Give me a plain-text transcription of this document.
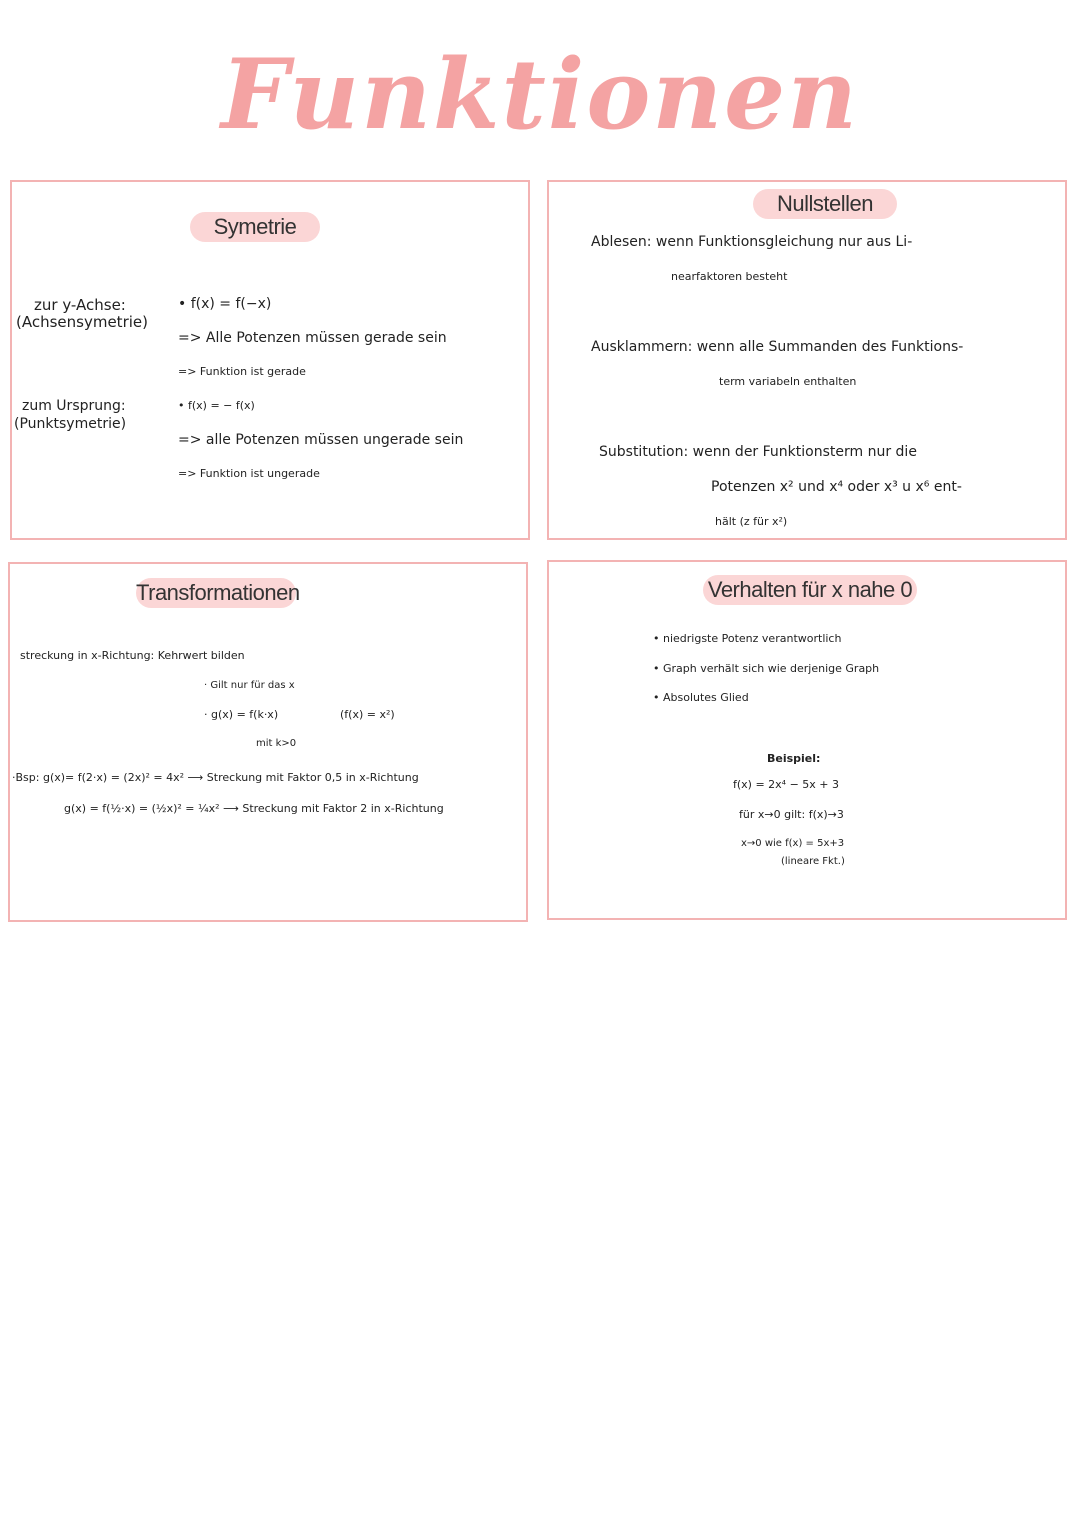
Funktionen
Symetrie
zur y-Achse:
(Achsensymetrie)
• f(x) = f(−x)
=> Alle Potenzen müssen gerade sein
=> Funktion ist gerade
zum Ursprung:
(Punktsymetrie)
• f(x) = − f(x)
=> alle Potenzen müssen ungerade sein
=> Funktion ist ungerade
Nullstellen
Ablesen: wenn Funktionsgleichung nur aus Li-
nearfaktoren besteht
Ausklammern: wenn alle Summanden des Funktions-
term variabeln enthalten
Substitution: wenn der Funktionsterm nur die
Potenzen x² und x⁴ oder x³ u x⁶ ent-
hält (z für x²)
Transformationen
streckung in x-Richtung: Kehrwert bilden
· Gilt nur für das x
· g(x) = f(k·x)	(f(x) = x²)
mit k>0
·Bsp: g(x)= f(2·x) = (2x)² = 4x² ⟶ Streckung mit Faktor 0,5 in x-Richtung
g(x) = f(½·x) = (½x)² = ¼x² ⟶ Streckung mit Faktor 2 in x-Richtung
Verhalten für x nahe 0
• niedrigste Potenz verantwortlich
• Graph verhält sich wie derjenige Graph
• Absolutes Glied
Beispiel:
f(x) = 2x⁴ − 5x + 3
für x→0 gilt: f(x)→3
x→0 wie f(x) = 5x+3
(lineare Fkt.)
